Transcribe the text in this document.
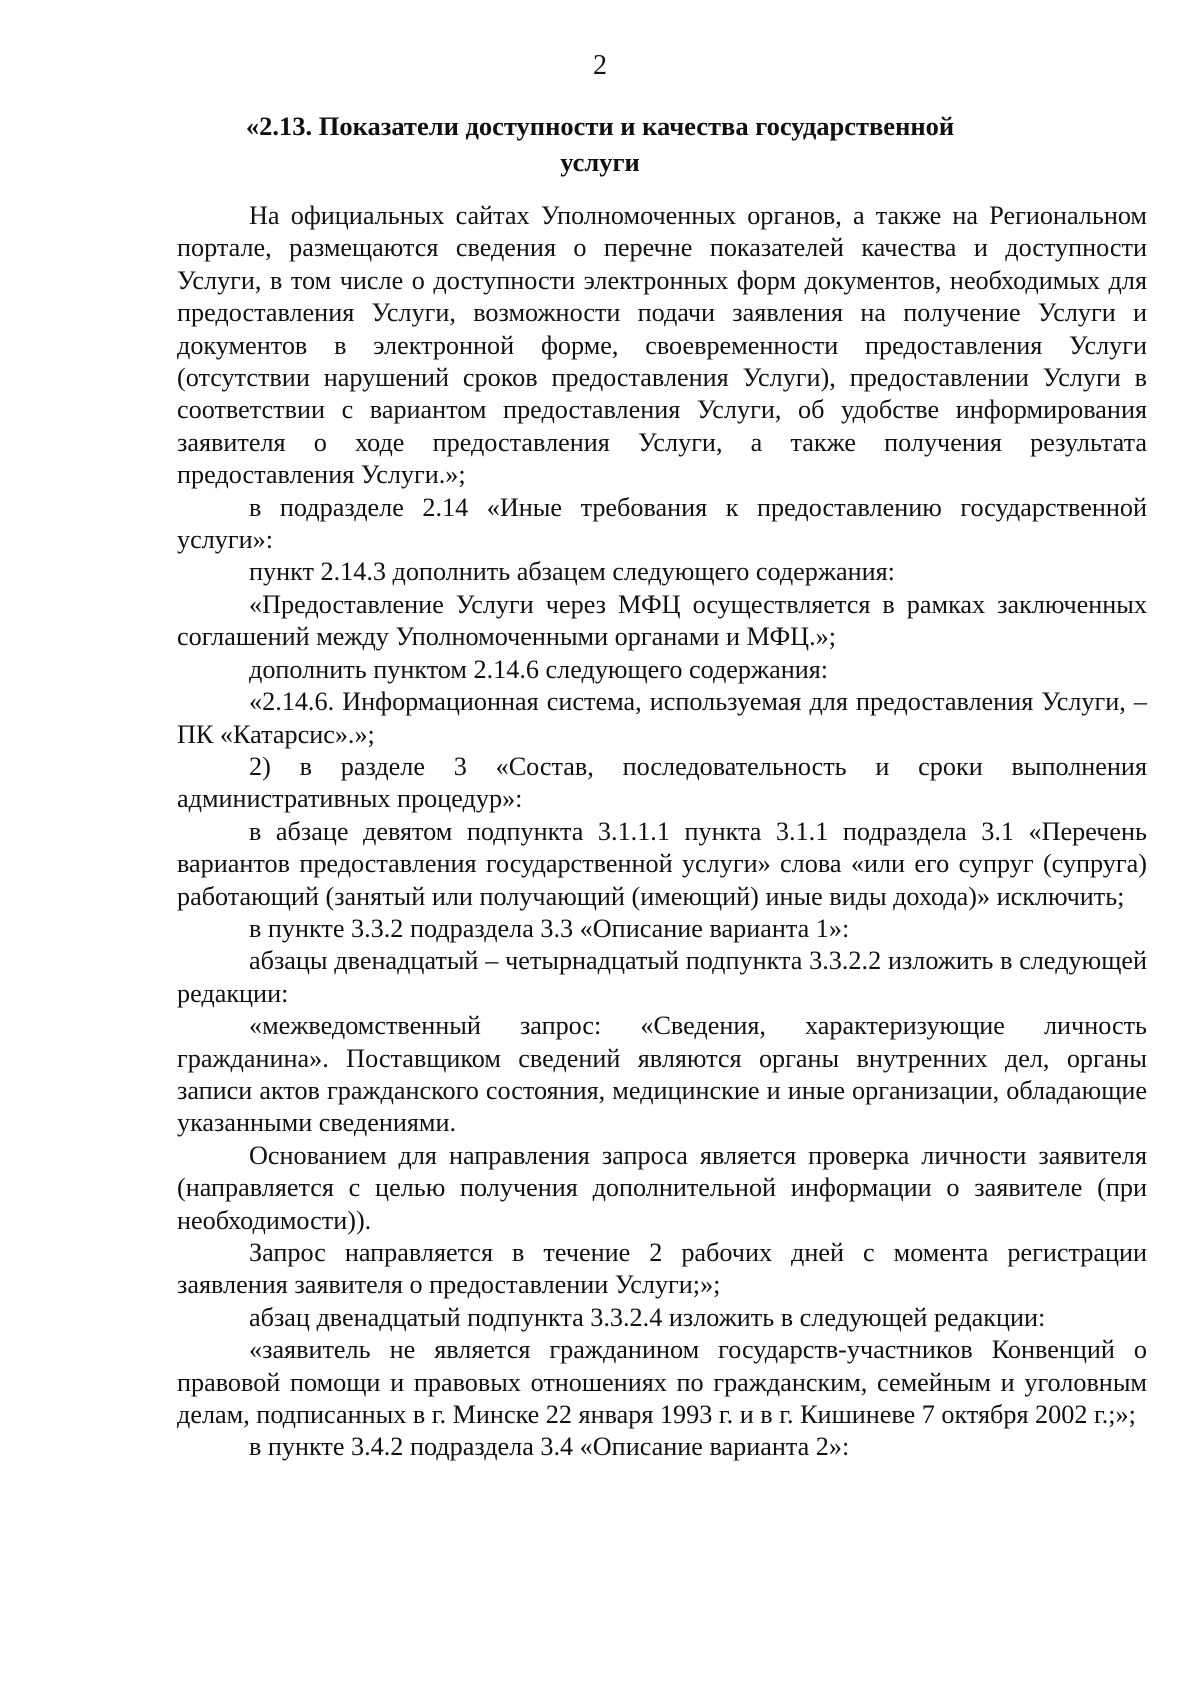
2
«2.13. Показатели доступности и качества государственной
услуги

На официальных сайтах Уполномоченных органов, а также на Региональном портале, размещаются сведения о перечне показателей качества и доступности Услуги, в том числе о доступности электронных форм документов, необходимых для предоставления Услуги, возможности подачи заявления на получение Услуги и документов в электронной форме, своевременности предоставления Услуги (отсутствии нарушений сроков предоставления Услуги), предоставлении Услуги в соответствии с вариантом предоставления Услуги, об удобстве информирования заявителя о ходе предоставления Услуги, а также получения результата предоставления Услуги.»;

в подразделе 2.14 «Иные требования к предоставлению государственной услуги»:

пункт 2.14.3 дополнить абзацем следующего содержания:

«Предоставление Услуги через МФЦ осуществляется в рамках заключенных соглашений между Уполномоченными органами и МФЦ.»;

дополнить пунктом 2.14.6 следующего содержания:

«2.14.6. Информационная система, используемая для предоставления Услуги, – ПК «Катарсис».»;

2) в разделе 3 «Состав, последовательность и сроки выполнения административных процедур»:

в абзаце девятом подпункта 3.1.1.1 пункта 3.1.1 подраздела 3.1 «Перечень вариантов предоставления государственной услуги» слова «или его супруг (супруга) работающий (занятый или получающий (имеющий) иные виды дохода)» исключить;

в пункте 3.3.2 подраздела 3.3 «Описание варианта 1»:

абзацы двенадцатый – четырнадцатый подпункта 3.3.2.2 изложить в следующей редакции:

«межведомственный запрос: «Сведения, характеризующие личность гражданина». Поставщиком сведений являются органы внутренних дел, органы записи актов гражданского состояния, медицинские и иные организации, обладающие указанными сведениями.

Основанием для направления запроса является проверка личности заявителя (направляется с целью получения дополнительной информации о заявителе (при необходимости)).

Запрос направляется в течение 2 рабочих дней с момента регистрации заявления заявителя о предоставлении Услуги;»;

абзац двенадцатый подпункта 3.3.2.4 изложить в следующей редакции:

«заявитель не является гражданином государств-участников Конвенций о правовой помощи и правовых отношениях по гражданским, семейным и уголовным делам, подписанных в г. Минске 22 января 1993 г. и в г. Кишиневе 7 октября 2002 г.;»;

в пункте 3.4.2 подраздела 3.4 «Описание варианта 2»:
